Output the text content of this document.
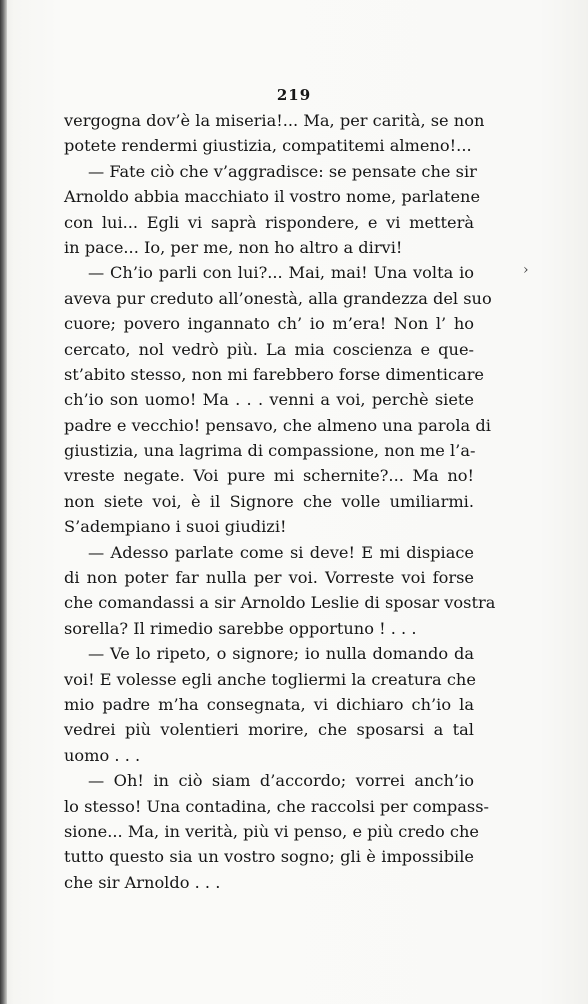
219
›
vergogna dov’è la miseria!... Ma, per carità, se non
potete rendermi giustizia, compatitemi almeno!...
— Fate ciò che v’aggradisce: se pensate che sir
Arnoldo abbia macchiato il vostro nome, parlatene
con lui... Egli vi saprà rispondere, e vi metterà
in pace... Io, per me, non ho altro a dirvi!
— Ch’io parli con lui?... Mai, mai! Una volta io
aveva pur creduto all’onestà, alla grandezza del suo
cuore; povero ingannato ch’ io m’era! Non l’ ho
cercato, nol vedrò più. La mia coscienza e que-
st’abito stesso, non mi farebbero forse dimenticare
ch’io son uomo! Ma . . . venni a voi, perchè siete
padre e vecchio! pensavo, che almeno una parola di
giustizia, una lagrima di compassione, non me l’a-
vreste negate. Voi pure mi schernite?... Ma no!
non siete voi, è il Signore che volle umiliarmi.
S’adempiano i suoi giudizi!
— Adesso parlate come si deve! E mi dispiace
di non poter far nulla per voi. Vorreste voi forse
che comandassi a sir Arnoldo Leslie di sposar vostra
sorella? Il rimedio sarebbe opportuno ! . . .
— Ve lo ripeto, o signore; io nulla domando da
voi! E volesse egli anche togliermi la creatura che
mio padre m’ha consegnata, vi dichiaro ch’io la
vedrei più volentieri morire, che sposarsi a tal
uomo . . .
— Oh! in ciò siam d’accordo; vorrei anch’io
lo stesso! Una contadina, che raccolsi per compass-
sione... Ma, in verità, più vi penso, e più credo che
tutto questo sia un vostro sogno; gli è impossibile
che sir Arnoldo . . .
